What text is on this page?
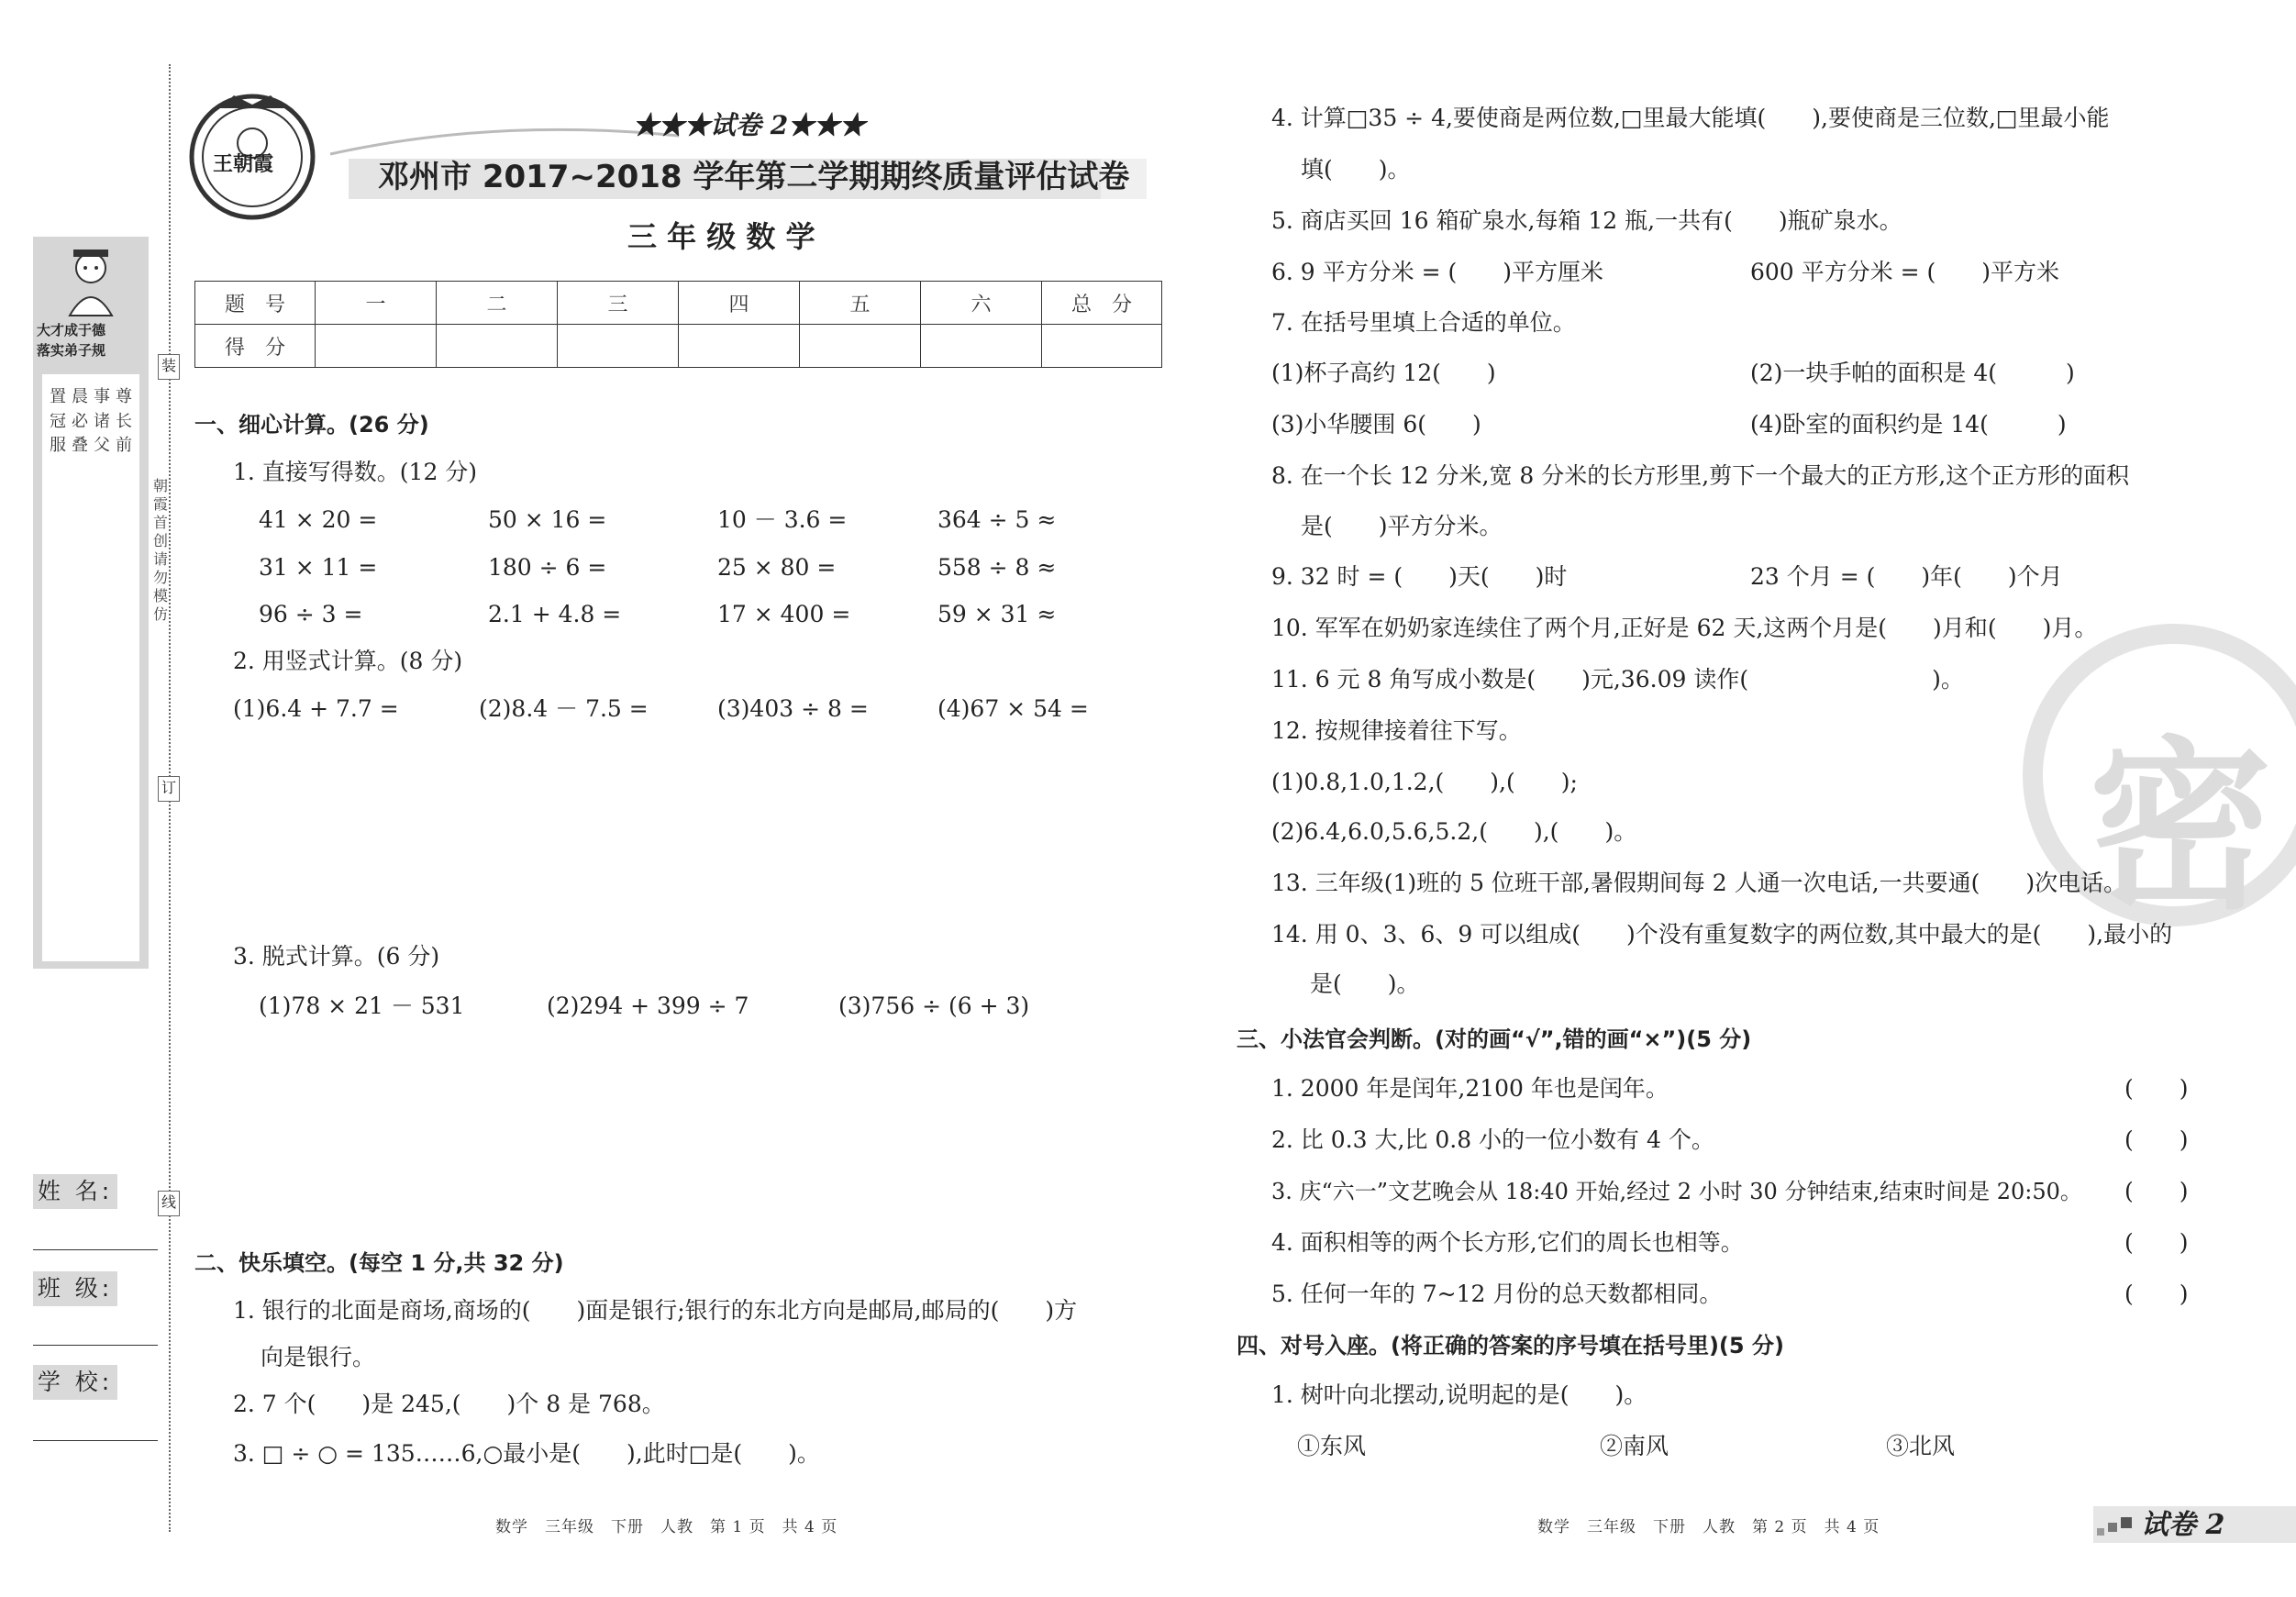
大才成于德
落实弟子规
置冠服
晨必叠
事诸父
尊长前
姓 名:
班 级:
学 校:
装
订
线
朝霞首创 请勿模仿
王朝霞
★★★试卷 2★★★
邓州市 2017~2018 学年第二学期期终质量评估试卷
三 年 级 数 学
题　号	一	二	三	四	五	六	总　分
得　分							
一、细心计算。(26 分)
1. 直接写得数。(12 分)
41 × 20 =	50 × 16 =	10 － 3.6 =	364 ÷ 5 ≈
31 × 11 =	180 ÷ 6 =	25 × 80 =	558 ÷ 8 ≈
96 ÷ 3 =	2.1 + 4.8 =	17 × 400 =	59 × 31 ≈
2. 用竖式计算。(8 分)
(1)6.4 + 7.7 =	(2)8.4 － 7.5 =	(3)403 ÷ 8 =	(4)67 × 54 =
3. 脱式计算。(6 分)
(1)78 × 21 － 531	(2)294 + 399 ÷ 7	(3)756 ÷ (6 + 3)
二、快乐填空。(每空 1 分,共 32 分)
1. 银行的北面是商场,商场的(　　)面是银行;银行的东北方向是邮局,邮局的(　　)方
向是银行。
2. 7 个(　　)是 245,(　　)个 8 是 768。
3. □ ÷ ○ = 135……6,○最小是(　　),此时□是(　　)。
数学　三年级　下册　人教　第 1 页　共 4 页
密
4. 计算□35 ÷ 4,要使商是两位数,□里最大能填(　　),要使商是三位数,□里最小能
填(　　)。
5. 商店买回 16 箱矿泉水,每箱 12 瓶,一共有(　　)瓶矿泉水。
6. 9 平方分米 = (　　)平方厘米	600 平方分米 = (　　)平方米
7. 在括号里填上合适的单位。
(1)杯子高约 12(　　)	(2)一块手帕的面积是 4(　　　)
(3)小华腰围 6(　　)	(4)卧室的面积约是 14(　　　)
8. 在一个长 12 分米,宽 8 分米的长方形里,剪下一个最大的正方形,这个正方形的面积
是(　　)平方分米。
9. 32 时 = (　　)天(　　)时	23 个月 = (　　)年(　　)个月
10. 军军在奶奶家连续住了两个月,正好是 62 天,这两个月是(　　)月和(　　)月。
11. 6 元 8 角写成小数是(　　)元,36.09 读作(　　　　　　　　)。
12. 按规律接着往下写。
(1)0.8,1.0,1.2,(　　),(　　);
(2)6.4,6.0,5.6,5.2,(　　),(　　)。
13. 三年级(1)班的 5 位班干部,暑假期间每 2 人通一次电话,一共要通(　　)次电话。
14. 用 0、3、6、9 可以组成(　　)个没有重复数字的两位数,其中最大的是(　　),最小的
是(　　)。
三、小法官会判断。(对的画“√”,错的画“×”)(5 分)
1. 2000 年是闰年,2100 年也是闰年。	(　　)
2. 比 0.3 大,比 0.8 小的一位小数有 4 个。	(　　)
3. 庆“六一”文艺晚会从 18:40 开始,经过 2 小时 30 分钟结束,结束时间是 20:50。 (　　)
4. 面积相等的两个长方形,它们的周长也相等。	(　　)
5. 任何一年的 7~12 月份的总天数都相同。	(　　)
四、对号入座。(将正确的答案的序号填在括号里)(5 分)
1. 树叶向北摆动,说明起的是(　　)。
①东风	②南风	③北风
数学　三年级　下册　人教　第 2 页　共 4 页	试卷 2
